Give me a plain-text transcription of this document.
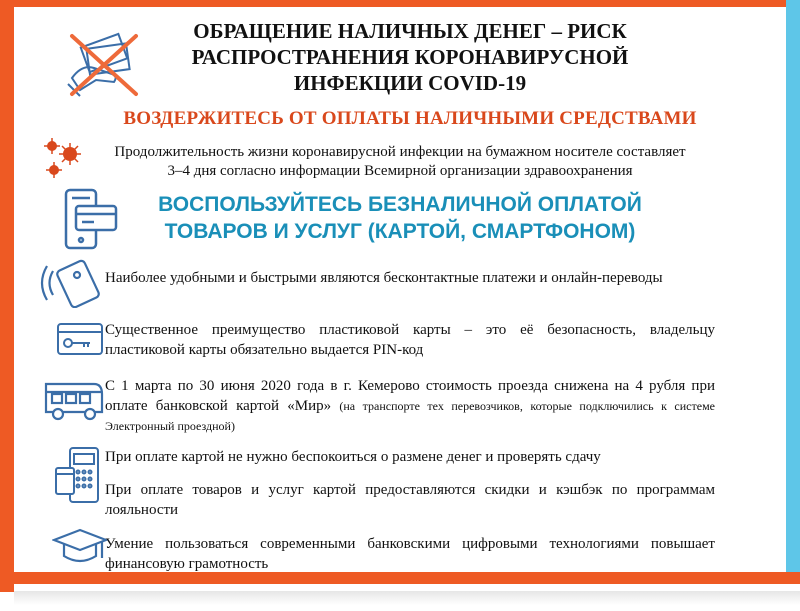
ОБРАЩЕНИЕ НАЛИЧНЫХ ДЕНЕГ – РИСК
РАСПРОСТРАНЕНИЯ КОРОНАВИРУСНОЙ
ИНФЕКЦИИ COVID-19
ВОЗДЕРЖИТЕСЬ ОТ ОПЛАТЫ НАЛИЧНЫМИ СРЕДСТВАМИ
Продолжительность жизни коронавирусной инфекции на бумажном носителе составляет
3–4 дня согласно информации Всемирной организации здравоохранения
ВОСПОЛЬЗУЙТЕСЬ БЕЗНАЛИЧНОЙ ОПЛАТОЙ
ТОВАРОВ И УСЛУГ (КАРТОЙ, СМАРТФОНОМ)
Наиболее удобными и быстрыми являются бесконтактные платежи и онлайн-переводы
Существенное преимущество пластиковой карты – это её безопасность, владельцу пластиковой карты обязательно выдается PIN-код
С 1 марта по 30 июня 2020 года в г. Кемерово стоимость проезда снижена на 4 рубля при оплате банковской картой «Мир» (на транспорте тех перевозчиков, которые подключились к системе Электронный проездной)
При оплате картой не нужно беспокоиться о размене денег и проверять сдачу
При оплате товаров и услуг картой предоставляются скидки и кэшбэк по программам лояльности
Умение пользоваться современными банковскими цифровыми технологиями повышает финансовую грамотность
